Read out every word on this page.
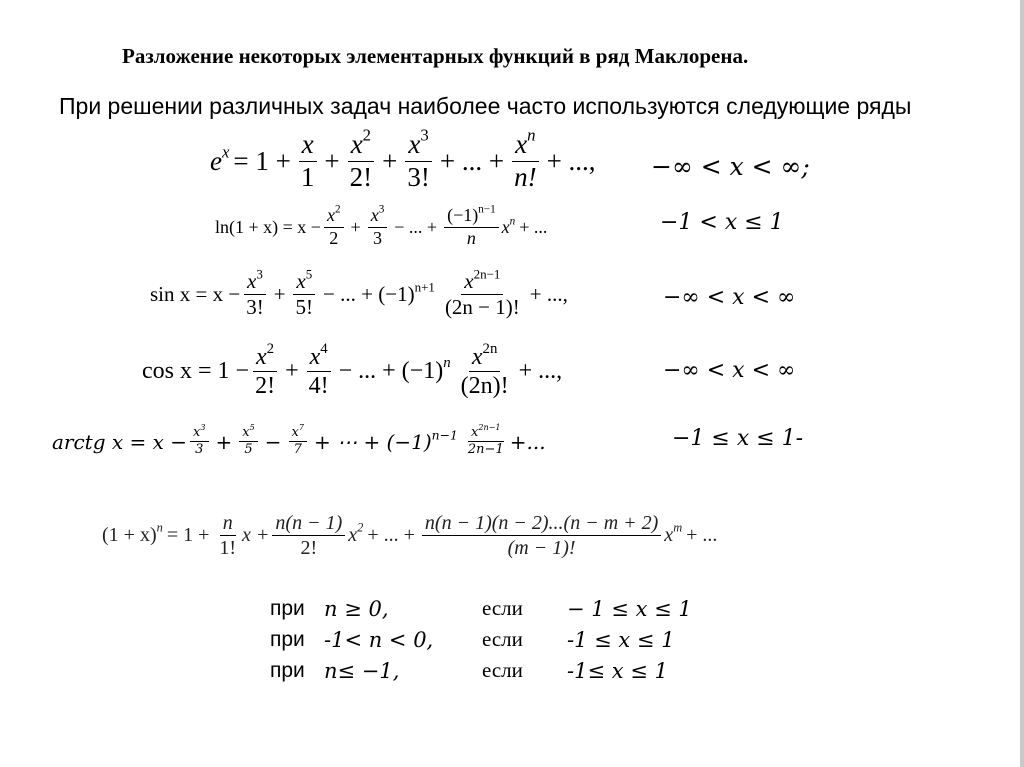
Разложение некоторых элементарных функций в ряд Маклорена.
При решении различных задач наиболее часто используются следующие ряды
$e^x = 1 + \frac{x}{1} + \frac{x^2}{2!} + \frac{x^3}{3!}$ + ... + $\frac{x^n}{n!}$ + ..., −∞ < x < ∞;
$\ln(1 + x) = x - \frac{x^2}{2} + \frac{x^3}{3}$ − ... + $\frac{(-1)^{n-1}}{n} x^n$ + ...	−1 < x ≤ 1
$\sin x = x - \frac{x^3}{3!} + \frac{x^5}{5!}$ − ... + $(-1)^{n+1} \frac{x^{2n-1}}{(2n - 1)!}$ + ...,	−∞ < x < ∞
$\cos x = 1 - \frac{x^2}{2!} + \frac{x^4}{4!}$ − ... + $(-1)^n \frac{x^{2n}}{(2n)!}$ + ...,	−∞ < x < ∞
arctg $x = x - \frac{x^3}{3} + \frac{x^5}{5} - \frac{x^7}{7}$ + ⋯ + $(-1)^{n-1} \frac{x^{2n-1}}{2n-1}$ +...	−1 ≤ x ≤ 1-
$(1 + x)^n = 1 + \frac{n}{1!}$ $x + \frac{n(n - 1)}{2!} x^2$ + ... + $\frac{n(n - 1)(n - 2)...(n - m + 2)}{(m - 1)!} x^m$ + ...
при n ≥ 0,	если	− 1 ≤ x ≤ 1
при -1< n < 0,	если	-1 ≤ x ≤ 1
при n≤ −1,	если	-1≤ x ≤ 1
